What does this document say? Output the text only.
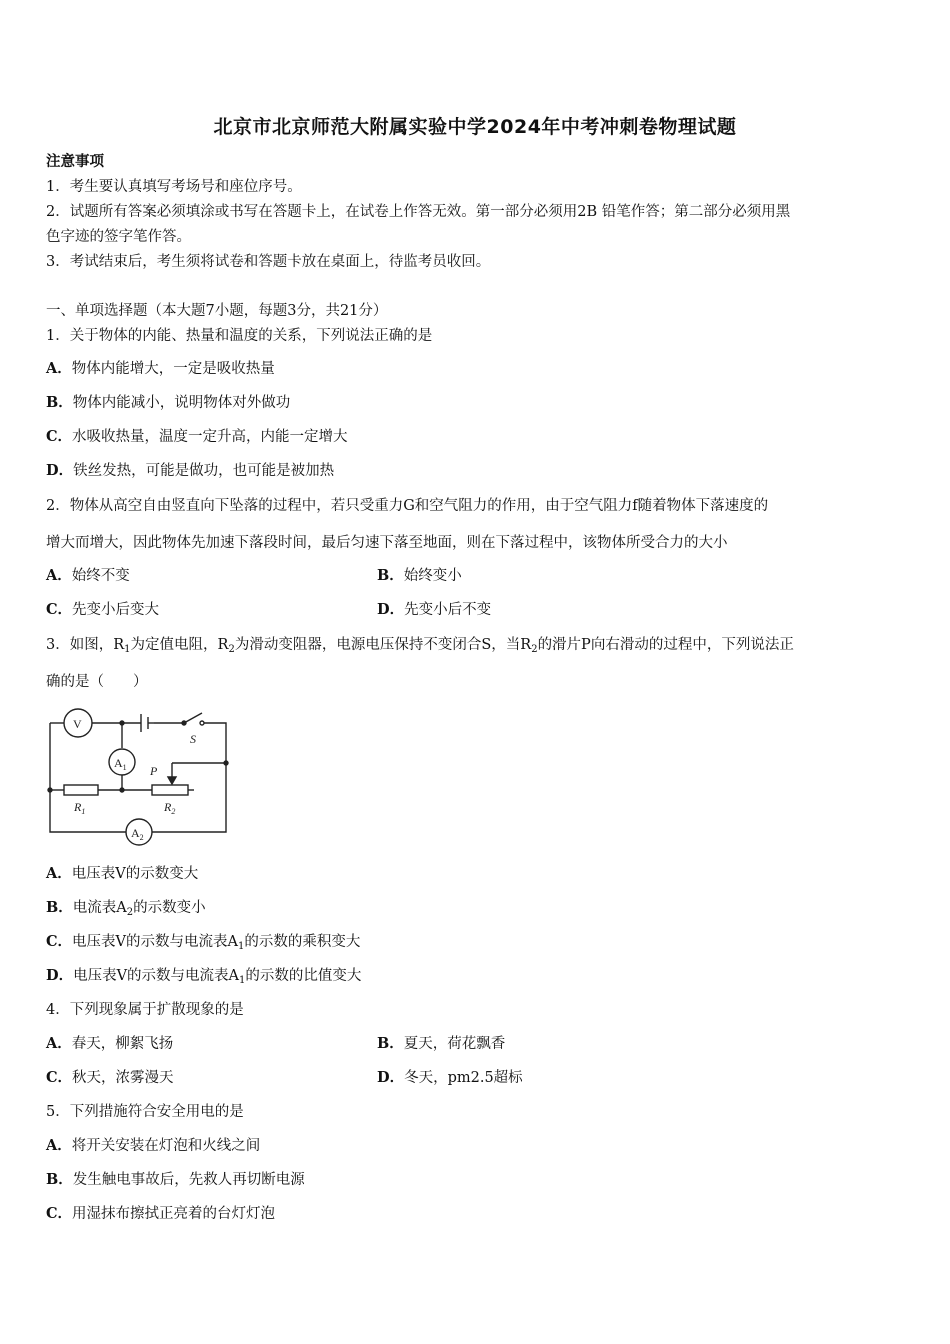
北京市北京师范大附属实验中学2024年中考冲刺卷物理试题
注意事项
1．考生要认真填写考场号和座位序号。
2．试题所有答案必须填涂或书写在答题卡上，在试卷上作答无效。第一部分必须用2B 铅笔作答；第二部分必须用黑
色字迹的签字笔作答。
3．考试结束后，考生须将试卷和答题卡放在桌面上，待监考员收回。
一、单项选择题（本大题7小题，每题3分，共21分）
1．关于物体的内能、热量和温度的关系，下列说法正确的是
A．物体内能增大，一定是吸收热量
B．物体内能减小，说明物体对外做功
C．水吸收热量，温度一定升高，内能一定增大
D．铁丝发热，可能是做功，也可能是被加热
2．物体从高空自由竖直向下坠落的过程中，若只受重力G和空气阻力的作用，由于空气阻力f随着物体下落速度的
增大而增大，因此物体先加速下落段时间，最后匀速下落至地面，则在下落过程中，该物体所受合力的大小
A．始终不变	B．始终变小
C．先变小后变大	D．先变小后不变
3．如图，$R_1$为定值电阻，$R_2$为滑动变阻器，电源电压保持不变闭合S，当$R_2$的滑片P向右滑动的过程中，下列说法正
确的是（　　）
S
V
$A_1$
$R_1$	$R_2$
P
$A_2$
A．电压表V的示数变大
B．电流表$A_2$的示数变小
C．电压表V的示数与电流表$A_1$的示数的乘积变大
D．电压表V的示数与电流表$A_1$的示数的比值变大
4．下列现象属于扩散现象的是
A．春天，柳絮飞扬	B．夏天，荷花飘香
C．秋天，浓雾漫天	D．冬天，pm2.5超标
5．下列措施符合安全用电的是
A．将开关安装在灯泡和火线之间
B．发生触电事故后，先救人再切断电源
C．用湿抹布擦拭正亮着的台灯灯泡
